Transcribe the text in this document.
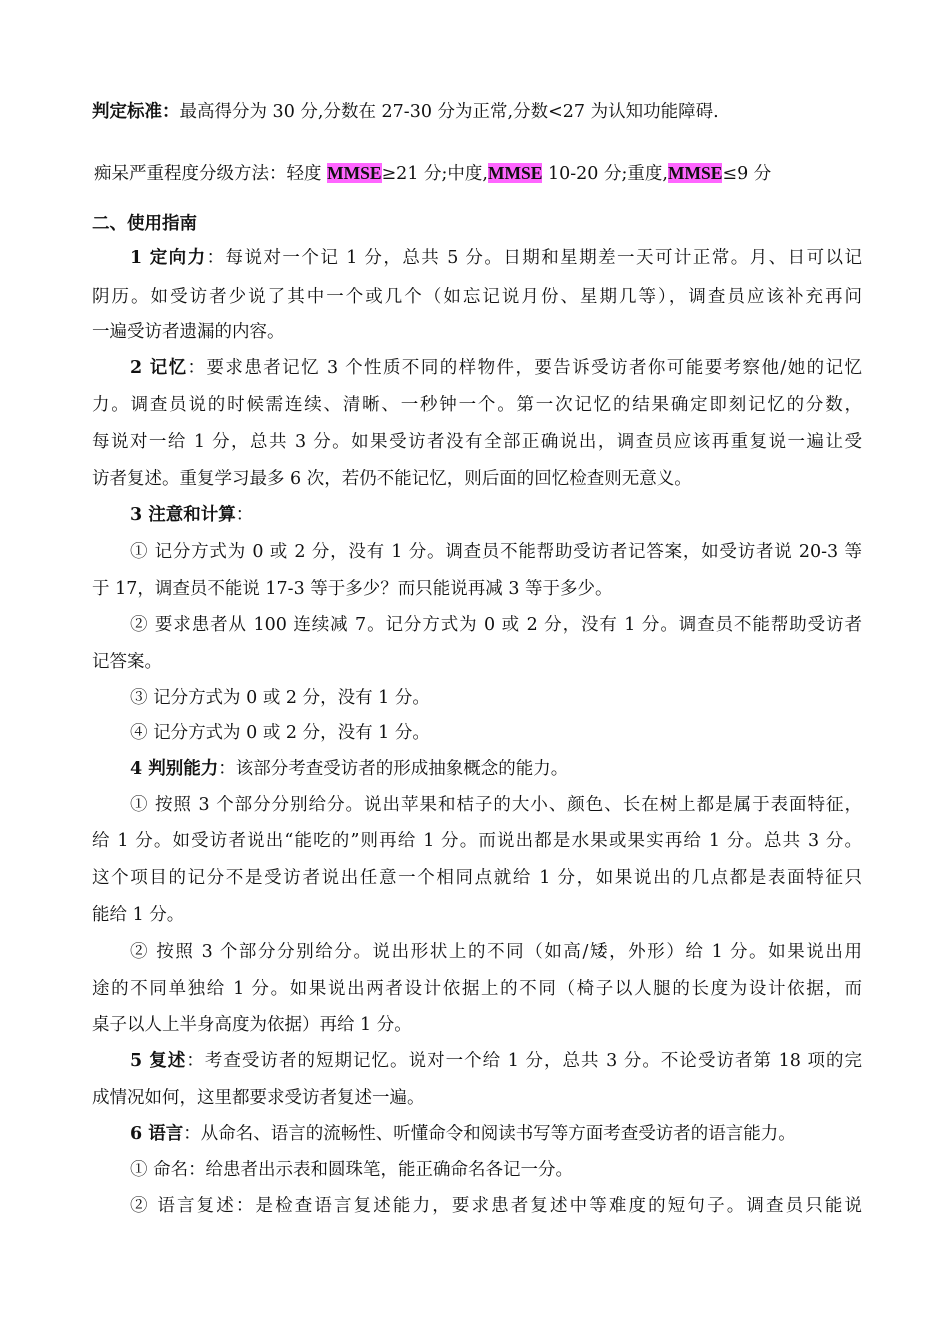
判定标准：最高得分为 30 分,分数在 27-30 分为正常,分数<27 为认知功能障碍.
痴呆严重程度分级方法：轻度 MMSE≥21 分;中度,MMSE 10-20 分;重度,MMSE≤9 分
二、使用指南
1 定向力：每说对一个记 1 分，总共 5 分。日期和星期差一天可计正常。月、日可以记
阴历。如受访者少说了其中一个或几个（如忘记说月份、星期几等），调查员应该补充再问
一遍受访者遗漏的内容。
2 记忆：要求患者记忆 3 个性质不同的样物件，要告诉受访者你可能要考察他/她的记忆
力。调查员说的时候需连续、清晰、一秒钟一个。第一次记忆的结果确定即刻记忆的分数，
每说对一给 1 分，总共 3 分。如果受访者没有全部正确说出，调查员应该再重复说一遍让受
访者复述。重复学习最多 6 次，若仍不能记忆，则后面的回忆检查则无意义。
3 注意和计算：
① 记分方式为 0 或 2 分，没有 1 分。调查员不能帮助受访者记答案，如受访者说 20-3 等
于 17，调查员不能说 17-3 等于多少？而只能说再减 3 等于多少。
② 要求患者从 100 连续减 7。记分方式为 0 或 2 分，没有 1 分。调查员不能帮助受访者
记答案。
③ 记分方式为 0 或 2 分，没有 1 分。
④ 记分方式为 0 或 2 分，没有 1 分。
4 判别能力：该部分考查受访者的形成抽象概念的能力。
① 按照 3 个部分分别给分。说出苹果和桔子的大小、颜色、长在树上都是属于表面特征，
给 1 分。如受访者说出“能吃的”则再给 1 分。而说出都是水果或果实再给 1 分。总共 3 分。
这个项目的记分不是受访者说出任意一个相同点就给 1 分，如果说出的几点都是表面特征只
能给 1 分。
② 按照 3 个部分分别给分。说出形状上的不同（如高/矮，外形）给 1 分。如果说出用
途的不同单独给 1 分。如果说出两者设计依据上的不同（椅子以人腿的长度为设计依据，而
桌子以人上半身高度为依据）再给 1 分。
5 复述：考查受访者的短期记忆。说对一个给 1 分，总共 3 分。不论受访者第 18 项的完
成情况如何，这里都要求受访者复述一遍。
6 语言：从命名、语言的流畅性、听懂命令和阅读书写等方面考查受访者的语言能力。
① 命名：给患者出示表和圆珠笔，能正确命名各记一分。
② 语言复述：是检查语言复述能力，要求患者复述中等难度的短句子。调查员只能说
